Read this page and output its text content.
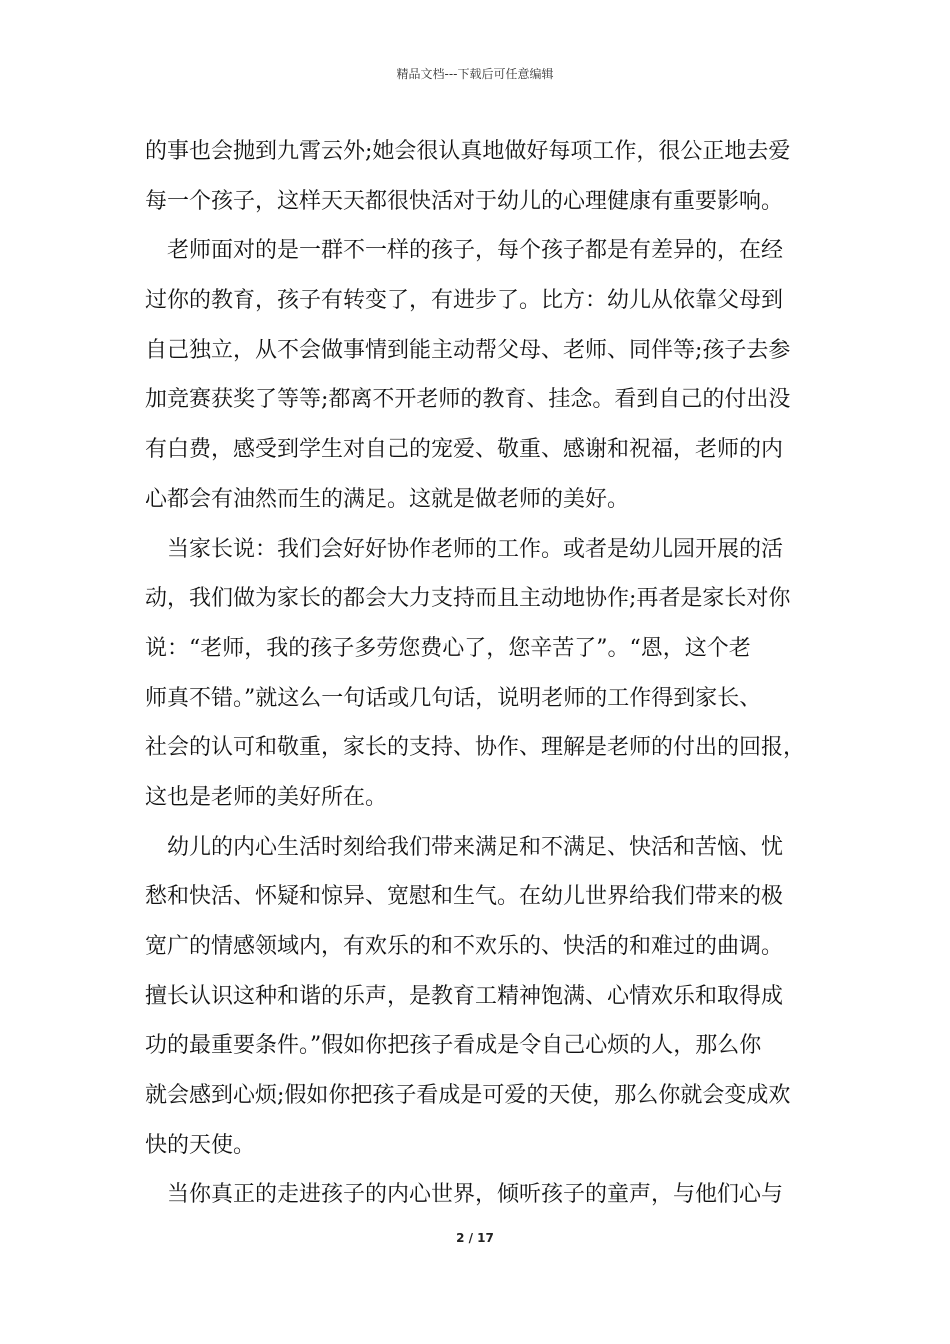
精品文档---下载后可任意编辑
的事也会抛到九霄云外;她会很认真地做好每项工作，很公正地去爱
每一个孩子，这样天天都很快活对于幼儿的心理健康有重要影响。
老师面对的是一群不一样的孩子，每个孩子都是有差异的，在经
过你的教育，孩子有转变了，有进步了。比方：幼儿从依靠父母到
自己独立，从不会做事情到能主动帮父母、老师、同伴等;孩子去参
加竞赛获奖了等等;都离不开老师的教育、挂念。看到自己的付出没
有白费，感受到学生对自己的宠爱、敬重、感谢和祝福，老师的内
心都会有油然而生的满足。这就是做老师的美好。
当家长说：我们会好好协作老师的工作。或者是幼儿园开展的活
动，我们做为家长的都会大力支持而且主动地协作;再者是家长对你
说：“老师，我的孩子多劳您费心了，您辛苦了”。“恩，这个老
师真不错。”就这么一句话或几句话，说明老师的工作得到家长、
社会的认可和敬重，家长的支持、协作、理解是老师的付出的回报，
这也是老师的美好所在。
幼儿的内心生活时刻给我们带来满足和不满足、快活和苦恼、忧
愁和快活、怀疑和惊异、宽慰和生气。在幼儿世界给我们带来的极
宽广的情感领域内，有欢乐的和不欢乐的、快活的和难过的曲调。
擅长认识这种和谐的乐声，是教育工精神饱满、心情欢乐和取得成
功的最重要条件。”假如你把孩子看成是令自己心烦的人，那么你
就会感到心烦;假如你把孩子看成是可爱的天使，那么你就会变成欢
快的天使。
当你真正的走进孩子的内心世界，倾听孩子的童声，与他们心与
2 / 17
